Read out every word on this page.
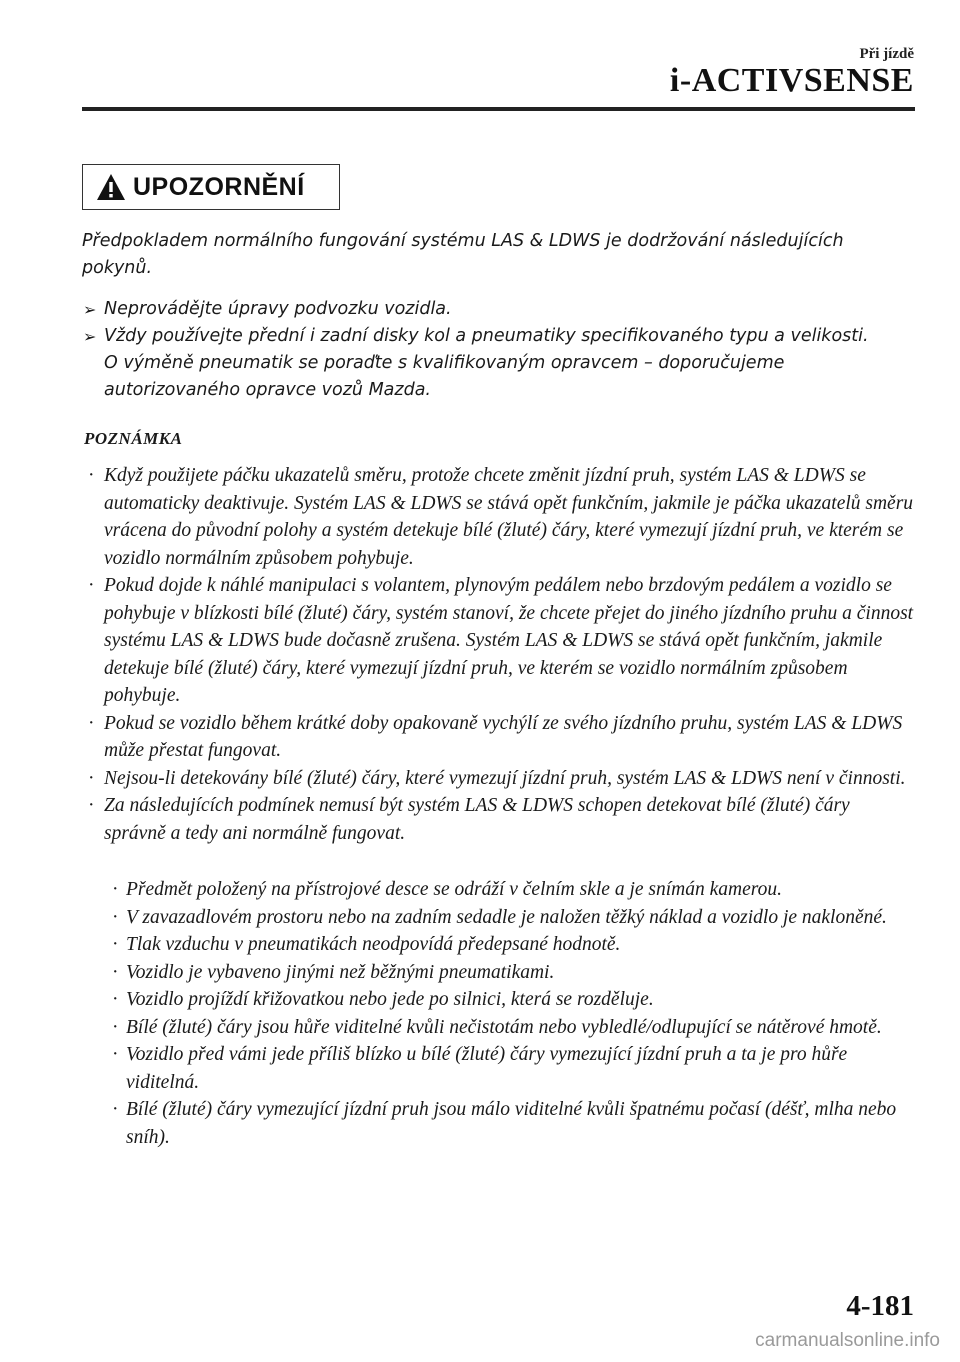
Při jízdě
i-ACTIVSENSE
UPOZORNĚNÍ

Předpokladem normálního fungování systému LAS & LDWS je dodržování následujících pokynů.

➢ Neprovádějte úpravy podvozku vozidla.
➢ Vždy používejte přední i zadní disky kol a pneumatiky specifikovaného typu a velikosti. O výměně pneumatik se poraďte s kvalifikovaným opravcem – doporučujeme autorizovaného opravce vozů Mazda.
POZNÁMKA
· Když použijete páčku ukazatelů směru, protože chcete změnit jízdní pruh, systém LAS & LDWS se automaticky deaktivuje. Systém LAS & LDWS se stává opět funkčním, jakmile je páčka ukazatelů směru vrácena do původní polohy a systém detekuje bílé (žluté) čáry, které vymezují jízdní pruh, ve kterém se vozidlo normálním způsobem pohybuje.
· Pokud dojde k náhlé manipulaci s volantem, plynovým pedálem nebo brzdovým pedálem a vozidlo se pohybuje v blízkosti bílé (žluté) čáry, systém stanoví, že chcete přejet do jiného jízdního pruhu a činnost systému LAS & LDWS bude dočasně zrušena. Systém LAS & LDWS se stává opět funkčním, jakmile detekuje bílé (žluté) čáry, které vymezují jízdní pruh, ve kterém se vozidlo normálním způsobem pohybuje.
· Pokud se vozidlo během krátké doby opakovaně vychýlí ze svého jízdního pruhu, systém LAS & LDWS může přestat fungovat.
· Nejsou-li detekovány bílé (žluté) čáry, které vymezují jízdní pruh, systém LAS & LDWS není v činnosti.
· Za následujících podmínek nemusí být systém LAS & LDWS schopen detekovat bílé (žluté) čáry správně a tedy ani normálně fungovat.
· Předmět položený na přístrojové desce se odráží v čelním skle a je snímán kamerou.
· V zavazadlovém prostoru nebo na zadním sedadle je naložen těžký náklad a vozidlo je nakloněné.
· Tlak vzduchu v pneumatikách neodpovídá předepsané hodnotě.
· Vozidlo je vybaveno jinými než běžnými pneumatikami.
· Vozidlo projíždí křižovatkou nebo jede po silnici, která se rozděluje.
· Bílé (žluté) čáry jsou hůře viditelné kvůli nečistotám nebo vybledlé/odlupující se nátěrové hmotě.
· Vozidlo před vámi jede příliš blízko u bílé (žluté) čáry vymezující jízdní pruh a ta je pro hůře viditelná.
· Bílé (žluté) čáry vymezující jízdní pruh jsou málo viditelné kvůli špatnému počasí (déšť, mlha nebo sníh).
4-181
carmanualsonline.info
